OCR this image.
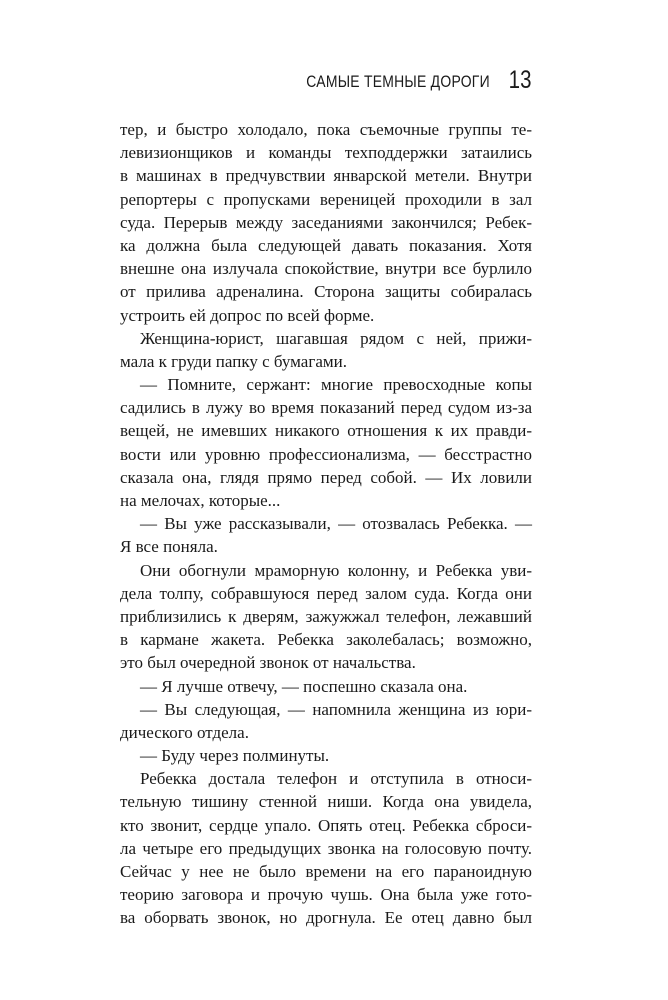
САМЫЕ ТЕМНЫЕ ДОРОГИ 13
тер, и быстро холодало, пока съемочные группы те-
левизионщиков и команды техподдержки затаились
в машинах в предчувствии январской метели. Внутри
репортеры с пропусками вереницей проходили в зал
суда. Перерыв между заседаниями закончился; Ребек-
ка должна была следующей давать показания. Хотя
внешне она излучала спокойствие, внутри все бурлило
от прилива адреналина. Сторона защиты собиралась
устроить ей допрос по всей форме.
Женщина-юрист, шагавшая рядом с ней, прижи-
мала к груди папку с бумагами.
— Помните, сержант: многие превосходные копы
садились в лужу во время показаний перед судом из-за
вещей, не имевших никакого отношения к их правди-
вости или уровню профессионализма, — бесстрастно
сказала она, глядя прямо перед собой. — Их ловили
на мелочах, которые...
— Вы уже рассказывали, — отозвалась Ребекка. —
Я все поняла.
Они обогнули мраморную колонну, и Ребекка уви-
дела толпу, собравшуюся перед залом суда. Когда они
приблизились к дверям, зажужжал телефон, лежавший
в кармане жакета. Ребекка заколебалась; возможно,
это был очередной звонок от начальства.
— Я лучше отвечу, — поспешно сказала она.
— Вы следующая, — напомнила женщина из юри-
дического отдела.
— Буду через полминуты.
Ребекка достала телефон и отступила в относи-
тельную тишину стенной ниши. Когда она увидела,
кто звонит, сердце упало. Опять отец. Ребекка сброси-
ла четыре его предыдущих звонка на голосовую почту.
Сейчас у нее не было времени на его параноидную
теорию заговора и прочую чушь. Она была уже гото-
ва оборвать звонок, но дрогнула. Ее отец давно был
